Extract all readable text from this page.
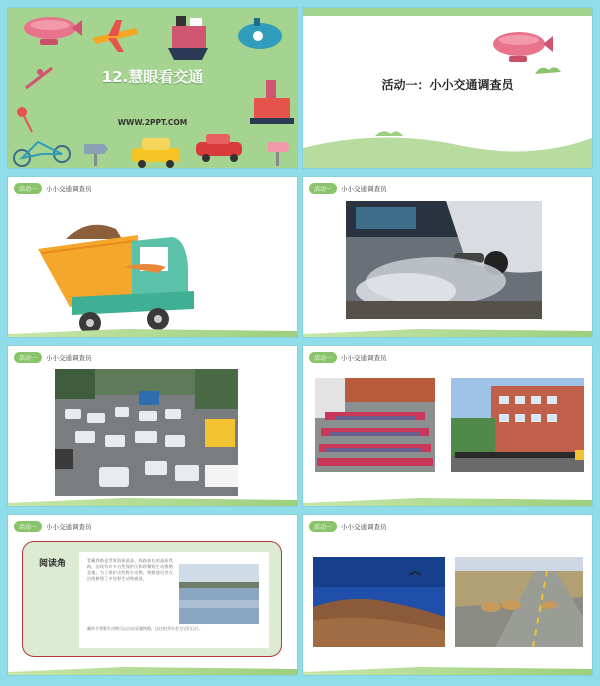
12.慧眼看交通
WWW.2PPT.COM
活动一：小小交通调查员
活动一	小小交通调查员	活动一	小小交通调查员
活动一	小小交通调查员	活动一	小小交通调查员
活动一	小小交通调查员
阅读角	青藏铁路是世界海拔最高、线路最长的高原铁路，沿线有许多自然保护区和珍稀野生动物栖息地。为了保护这些野生动物，铁路建设者在沿线修建了多处野生动物通道。
藏羚羊等野生动物可以自由穿越铁路，过往的列车会为它们让行。
活动一	小小交通调查员
